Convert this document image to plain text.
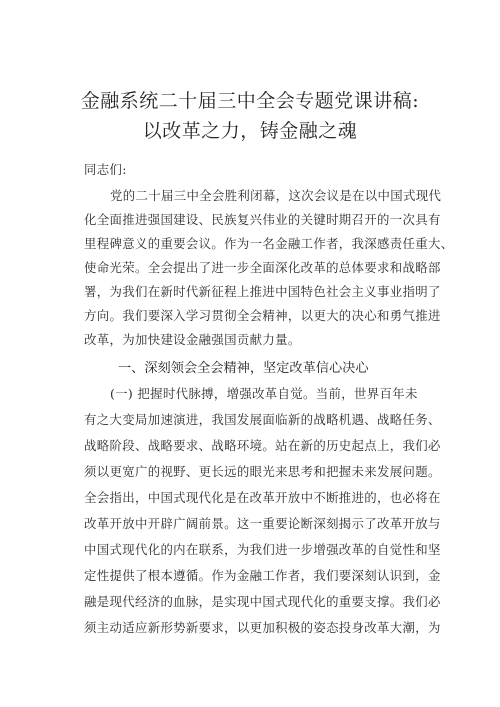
金融系统二十届三中全会专题党课讲稿:
以改革之力，铸金融之魂
同志们:
党的二十届三中全会胜利闭幕，这次会议是在以中国式现代
化全面推进强国建设、民族复兴伟业的关键时期召开的一次具有
里程碑意义的重要会议。作为一名金融工作者，我深感责任重大、
使命光荣。全会提出了进一步全面深化改革的总体要求和战略部
署，为我们在新时代新征程上推进中国特色社会主义事业指明了
方向。我们要深入学习贯彻全会精神，以更大的决心和勇气推进
改革，为加快建设金融强国贡献力量。
一、深刻领会全会精神，坚定改革信心决心
(一) 把握时代脉搏，增强改革自觉。当前，世界百年未
有之大变局加速演进，我国发展面临新的战略机遇、战略任务、
战略阶段、战略要求、战略环境。站在新的历史起点上，我们必
须以更宽广的视野、更长远的眼光来思考和把握未来发展问题。
全会指出，中国式现代化是在改革开放中不断推进的，也必将在
改革开放中开辟广阔前景。这一重要论断深刻揭示了改革开放与
中国式现代化的内在联系，为我们进一步增强改革的自觉性和坚
定性提供了根本遵循。作为金融工作者，我们要深刻认识到，金
融是现代经济的血脉，是实现中国式现代化的重要支撑。我们必
须主动适应新形势新要求，以更加积极的姿态投身改革大潮，为
